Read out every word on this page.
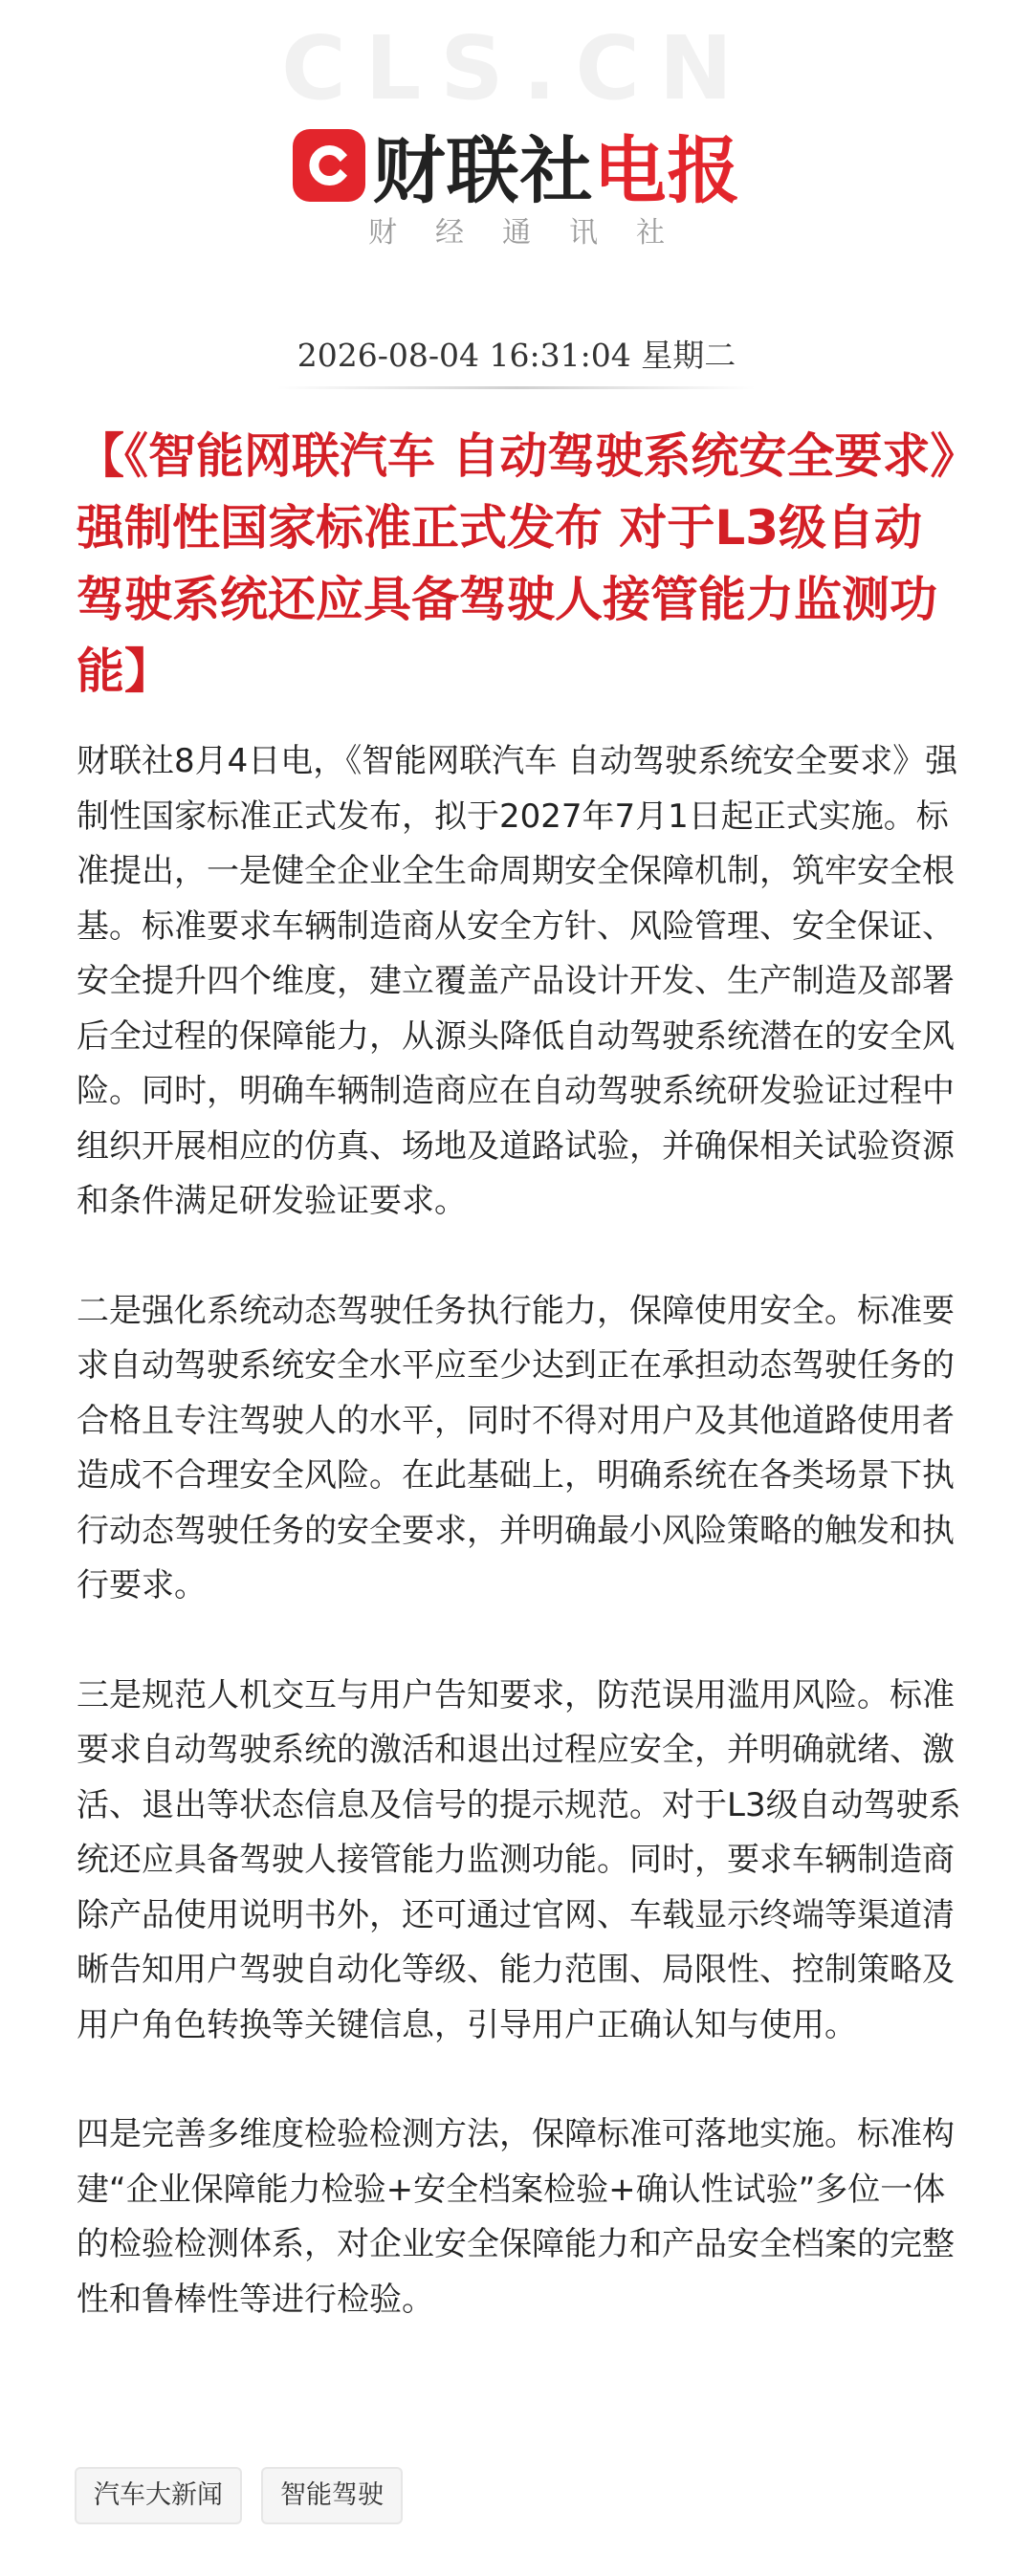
CLS.CN
财联社 电报
财经通讯社
2026-08-04 16:31:04 星期二
【《智能网联汽车 自动驾驶系统安全要求》强制性国家标准正式发布 对于L3级自动驾驶系统还应具备驾驶人接管能力监测功能】

财联社8月4日电，《智能网联汽车 自动驾驶系统安全要求》强制性国家标准正式发布，拟于2027年7月1日起正式实施。标准提出，一是健全企业全生命周期安全保障机制，筑牢安全根基。标准要求车辆制造商从安全方针、风险管理、安全保证、安全提升四个维度，建立覆盖产品设计开发、生产制造及部署后全过程的保障能力，从源头降低自动驾驶系统潜在的安全风险。同时，明确车辆制造商应在自动驾驶系统研发验证过程中组织开展相应的仿真、场地及道路试验，并确保相关试验资源和条件满足研发验证要求。

二是强化系统动态驾驶任务执行能力，保障使用安全。标准要求自动驾驶系统安全水平应至少达到正在承担动态驾驶任务的合格且专注驾驶人的水平，同时不得对用户及其他道路使用者造成不合理安全风险。在此基础上，明确系统在各类场景下执行动态驾驶任务的安全要求，并明确最小风险策略的触发和执行要求。

三是规范人机交互与用户告知要求，防范误用滥用风险。标准要求自动驾驶系统的激活和退出过程应安全，并明确就绪、激活、退出等状态信息及信号的提示规范。对于L3级自动驾驶系统还应具备驾驶人接管能力监测功能。同时，要求车辆制造商除产品使用说明书外，还可通过官网、车载显示终端等渠道清晰告知用户驾驶自动化等级、能力范围、局限性、控制策略及用户角色转换等关键信息，引导用户正确认知与使用。

四是完善多维度检验检测方法，保障标准可落地实施。标准构建“企业保障能力检验+安全档案检验+确认性试验”多位一体的检验检测体系，对企业安全保障能力和产品安全档案的完整性和鲁棒性等进行检验。

汽车大新闻	智能驾驶
